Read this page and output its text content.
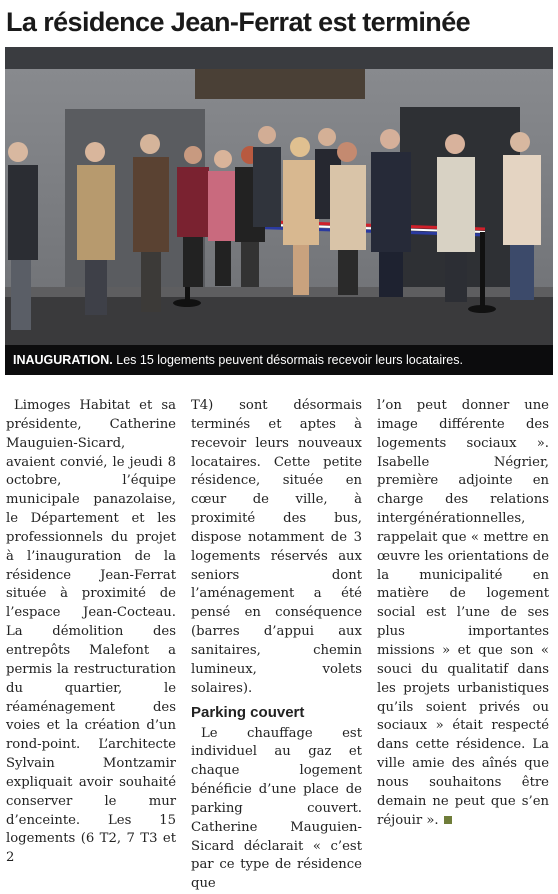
La résidence Jean-Ferrat est terminée
INAUGURATION. Les 15 logements peuvent désormais recevoir leurs locataires.

Limoges Habitat et sa présidente, Catherine Mauguien-Sicard, avaient convié, le jeudi 8 octobre, l’équipe municipale panazolaise, le Département et les professionnels du projet à l’inauguration de la résidence Jean-Ferrat située à proximité de l’espace Jean-Cocteau. La démolition des entrepôts Malefont a permis la restructuration du quartier, le réaménagement des voies et la création d’un rond-point. L’architecte Sylvain Montzamir expliquait avoir souhaité conserver le mur d’enceinte. Les 15 logements (6 T2, 7 T3 et 2

T4) sont désormais terminés et aptes à recevoir leurs nouveaux locataires. Cette petite résidence, située en cœur de ville, à proximité des bus, dispose notamment de 3 logements réservés aux seniors dont l’aménagement a été pensé en conséquence (barres d’appui aux sanitaires, chemin lumineux, volets solaires).

Parking couvert

Le chauffage est individuel au gaz et chaque logement bénéficie d’une place de parking couvert. Catherine Mauguien-Sicard déclarait « c’est par ce type de résidence que

l’on peut donner une image différente des logements sociaux ». Isabelle Négrier, première adjointe en charge des relations intergénérationnelles, rappelait que « mettre en œuvre les orientations de la municipalité en matière de logement social est l’une de ses plus importantes missions » et que son « souci du qualitatif dans les projets urbanistiques qu’ils soient privés ou sociaux » était respecté dans cette résidence. La ville amie des aînés que nous souhaitons être demain ne peut que s’en réjouir ».
